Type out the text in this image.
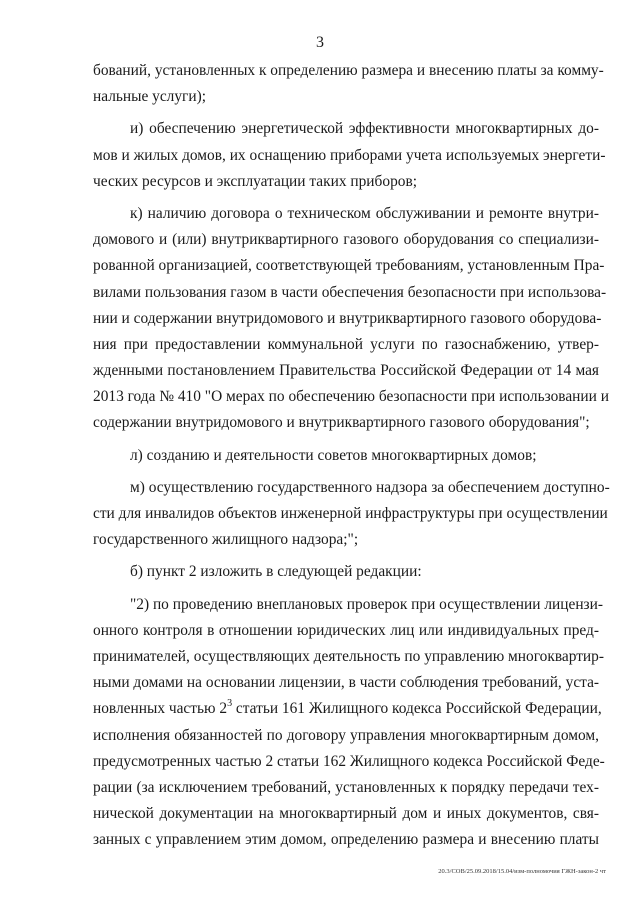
3
бований, установленных к определению размера и внесению платы за комму-
нальные услуги);
и) обеспечению энергетической эффективности многоквартирных до-
мов и жилых домов, их оснащению приборами учета используемых энергети-
ческих ресурсов и эксплуатации таких приборов;
к) наличию договора о техническом обслуживании и ремонте внутри-
домового и (или) внутриквартирного газового оборудования со специализи-
рованной организацией, соответствующей требованиям, установленным Пра-
вилами пользования газом в части обеспечения безопасности при использова-
нии и содержании внутридомового и внутриквартирного газового оборудова-
ния при предоставлении коммунальной услуги по газоснабжению, утвер-
жденными постановлением Правительства Российской Федерации от 14 мая
2013 года № 410 "О мерах по обеспечению безопасности при использовании и
содержании внутридомового и внутриквартирного газового оборудования";
л) созданию и деятельности советов многоквартирных домов;
м) осуществлению государственного надзора за обеспечением доступно-
сти для инвалидов объектов инженерной инфраструктуры при осуществлении
государственного жилищного надзора;";
б) пункт 2 изложить в следующей редакции:
"2) по проведению внеплановых проверок при осуществлении лицензи-
онного контроля в отношении юридических лиц или индивидуальных пред-
принимателей, осуществляющих деятельность по управлению многоквартир-
ными домами на основании лицензии, в части соблюдения требований, уста-
новленных частью $2^3$ статьи 161 Жилищного кодекса Российской Федерации,
исполнения обязанностей по договору управления многоквартирным домом,
предусмотренных частью 2 статьи 162 Жилищного кодекса Российской Феде-
рации (за исключением требований, установленных к порядку передачи тех-
нической документации на многоквартирный дом и иных документов, свя-
занных с управлением этим домом, определению размера и внесению платы
20.3/СОВ/25.09.2018/15.04/изм-полномочия ГЖН-закон-2 чт
